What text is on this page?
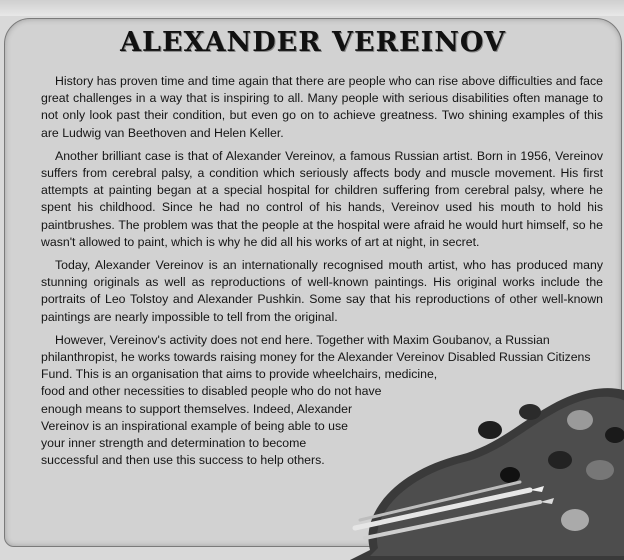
ALEXANDER VEREINOV

History has proven time and time again that there are people who can rise above difficulties and face great challenges in a way that is inspiring to all. Many people with serious disabilities often manage to not only look past their condition, but even go on to achieve greatness. Two shining examples of this are Ludwig van Beethoven and Helen Keller.

Another brilliant case is that of Alexander Vereinov, a famous Russian artist. Born in 1956, Vereinov suffers from cerebral palsy, a condition which seriously affects body and muscle movement. His first attempts at painting began at a special hospital for children suffering from cerebral palsy, where he spent his childhood. Since he had no control of his hands, Vereinov used his mouth to hold his paintbrushes. The problem was that the people at the hospital were afraid he would hurt himself, so he wasn't allowed to paint, which is why he did all his works of art at night, in secret.

Today, Alexander Vereinov is an internationally recognised mouth artist, who has produced many stunning originals as well as reproductions of well-known paintings. His original works include the portraits of Leo Tolstoy and Alexander Pushkin. Some say that his reproductions of other well-known paintings are nearly impossible to tell from the original.

However, Vereinov's activity does not end here. Together with Maxim Goubanov, a Russian
philanthropist, he works towards raising money for the Alexander Vereinov Disabled Russian Citizens
Fund. This is an organisation that aims to provide wheelchairs, medicine,
food and other necessities to disabled people who do not have
enough means to support themselves. Indeed, Alexander
Vereinov is an inspirational example of being able to use
your inner strength and determination to become
successful and then use this success to help others.
